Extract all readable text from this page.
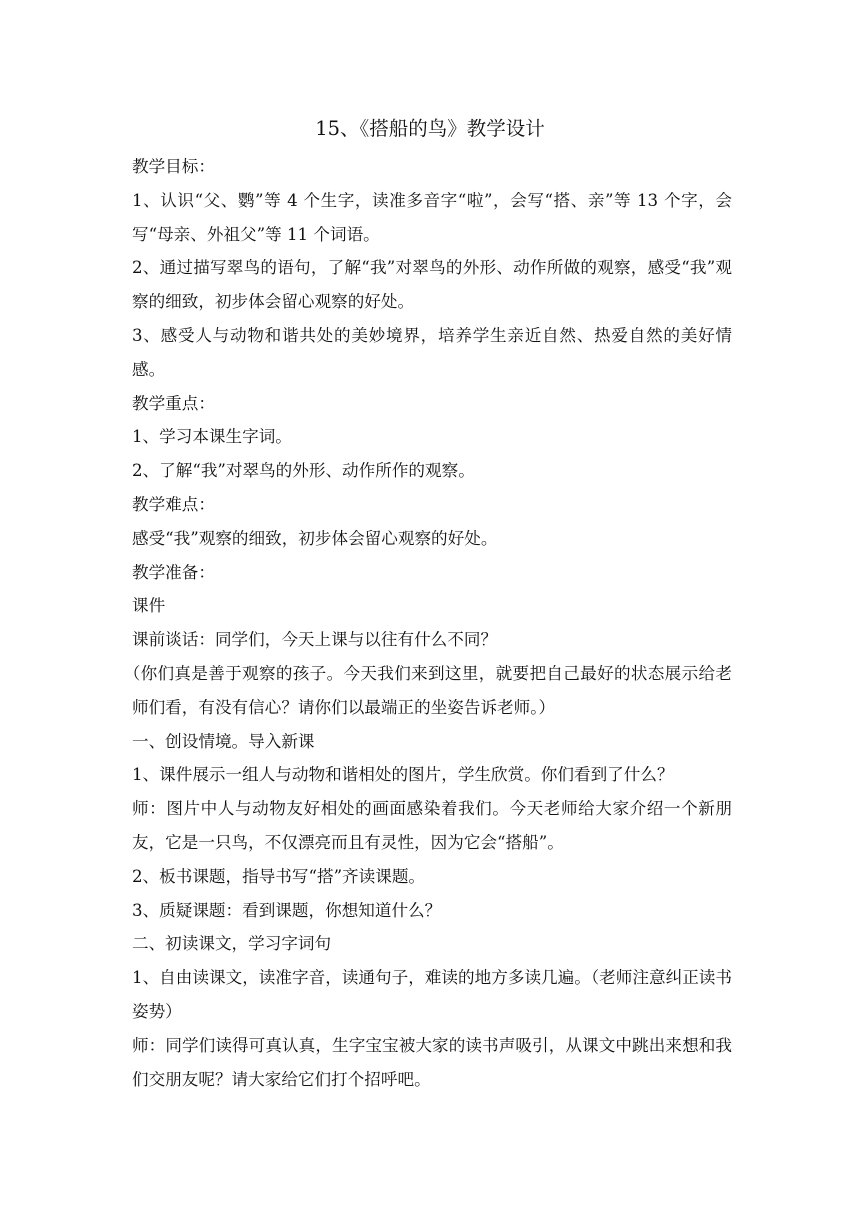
15、《搭船的鸟》教学设计

教学目标：

1、认识“父、鹦”等 4 个生字，读准多音字“啦”，会写“搭、亲”等 13 个字，会写“母亲、外祖父”等 11 个词语。

2、通过描写翠鸟的语句，了解“我”对翠鸟的外形、动作所做的观察，感受“我”观察的细致，初步体会留心观察的好处。

3、感受人与动物和谐共处的美妙境界，培养学生亲近自然、热爱自然的美好情感。

教学重点：

1、学习本课生字词。

2、了解“我”对翠鸟的外形、动作所作的观察。

教学难点：

感受“我”观察的细致，初步体会留心观察的好处。

教学准备：

课件

课前谈话：同学们，今天上课与以往有什么不同？

（你们真是善于观察的孩子。今天我们来到这里，就要把自己最好的状态展示给老师们看，有没有信心？请你们以最端正的坐姿告诉老师。）

一、创设情境。导入新课

1、课件展示一组人与动物和谐相处的图片，学生欣赏。你们看到了什么？

师：图片中人与动物友好相处的画面感染着我们。今天老师给大家介绍一个新朋友，它是一只鸟，不仅漂亮而且有灵性，因为它会“搭船”。

2、板书课题，指导书写“搭”齐读课题。

3、质疑课题：看到课题，你想知道什么？

二、初读课文，学习字词句

1、自由读课文，读准字音，读通句子，难读的地方多读几遍。（老师注意纠正读书姿势）

师：同学们读得可真认真，生字宝宝被大家的读书声吸引，从课文中跳出来想和我们交朋友呢？请大家给它们打个招呼吧。
